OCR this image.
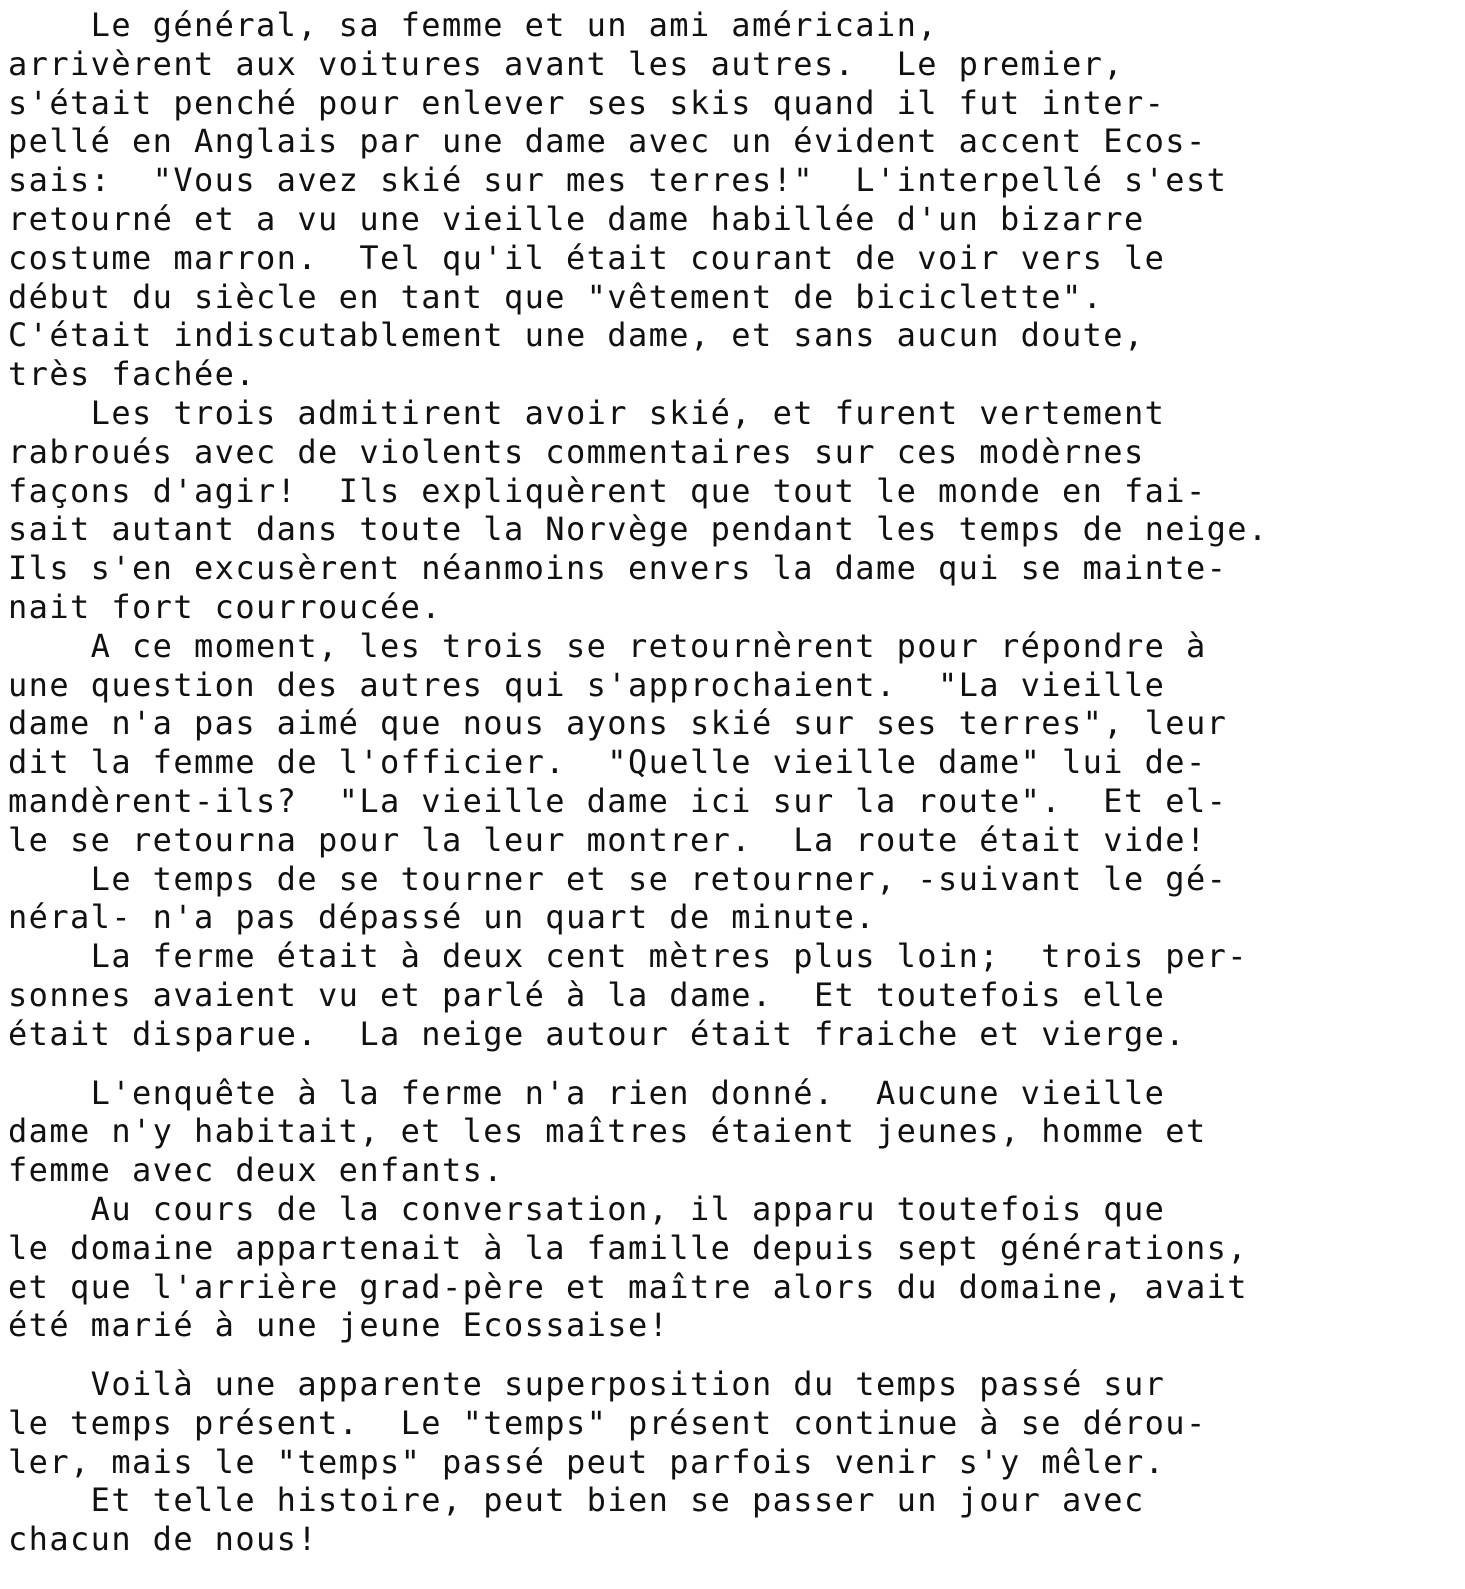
Le général, sa femme et un ami américain,
arrivèrent aux voitures avant les autres.  Le premier,
s'était penché pour enlever ses skis quand il fut inter-
pellé en Anglais par une dame avec un évident accent Ecos-
sais:  "Vous avez skié sur mes terres!"  L'interpellé s'est
retourné et a vu une vieille dame habillée d'un bizarre
costume marron.  Tel qu'il était courant de voir vers le
début du siècle en tant que "vêtement de biciclette".
C'était indiscutablement une dame, et sans aucun doute,
très fachée.
Les trois admitirent avoir skié, et furent vertement
rabroués avec de violents commentaires sur ces modèrnes
façons d'agir!  Ils expliquèrent que tout le monde en fai-
sait autant dans toute la Norvège pendant les temps de neige.
Ils s'en excusèrent néanmoins envers la dame qui se mainte-
nait fort courroucée.
A ce moment, les trois se retournèrent pour répondre à
une question des autres qui s'approchaient.  "La vieille
dame n'a pas aimé que nous ayons skié sur ses terres", leur
dit la femme de l'officier.  "Quelle vieille dame" lui de-
mandèrent-ils?  "La vieille dame ici sur la route".  Et el-
le se retourna pour la leur montrer.  La route était vide!
Le temps de se tourner et se retourner, -suivant le gé-
néral- n'a pas dépassé un quart de minute.
La ferme était à deux cent mètres plus loin;  trois per-
sonnes avaient vu et parlé à la dame.  Et toutefois elle
était disparue.  La neige autour était fraiche et vierge.
L'enquête à la ferme n'a rien donné.  Aucune vieille
dame n'y habitait, et les maîtres étaient jeunes, homme et
femme avec deux enfants.
Au cours de la conversation, il apparu toutefois que
le domaine appartenait à la famille depuis sept générations,
et que l'arrière grad-père et maître alors du domaine, avait
été marié à une jeune Ecossaise!
Voilà une apparente superposition du temps passé sur
le temps présent.  Le "temps" présent continue à se dérou-
ler, mais le "temps" passé peut parfois venir s'y mêler.
Et telle histoire, peut bien se passer un jour avec
chacun de nous!
